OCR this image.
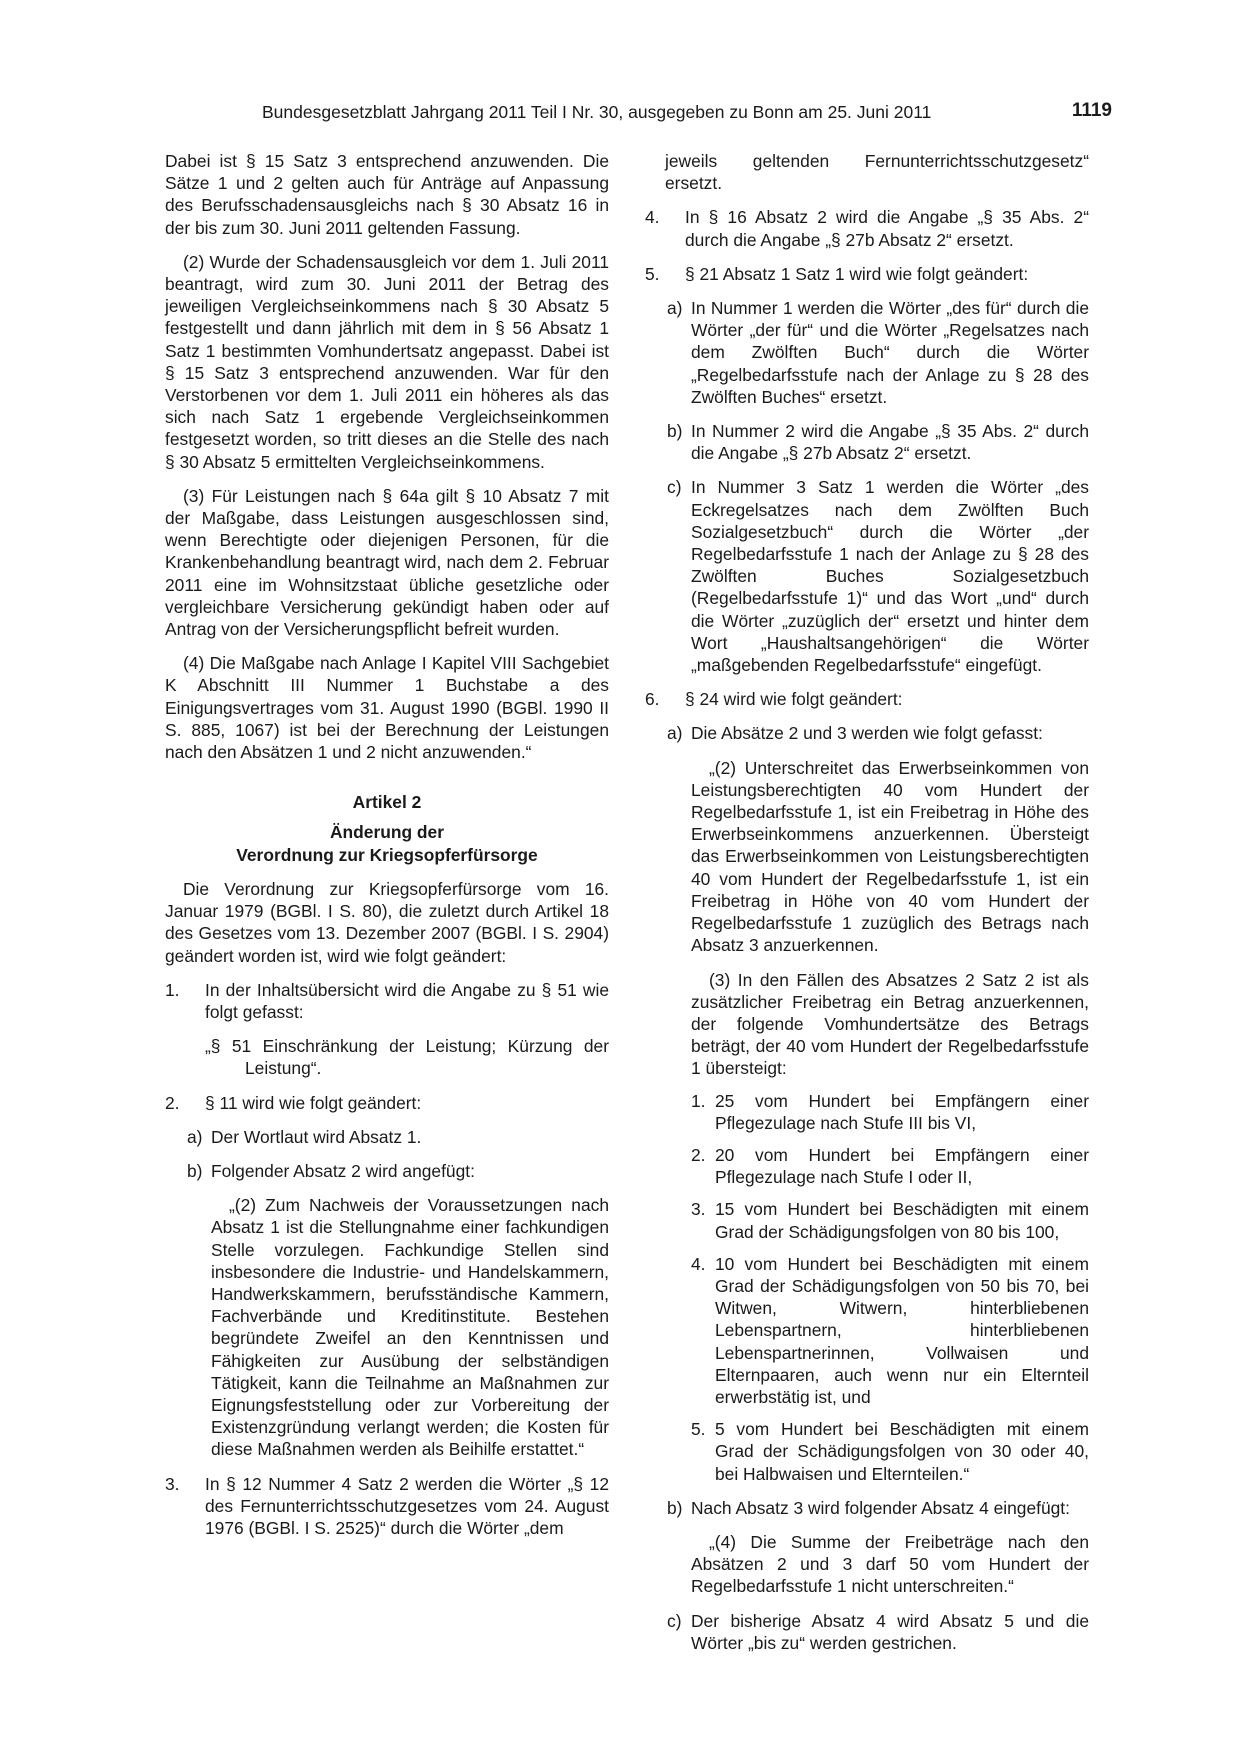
Bundesgesetzblatt Jahrgang 2011 Teil I Nr. 30, ausgegeben zu Bonn am 25. Juni 2011	1119

Dabei ist § 15 Satz 3 entsprechend anzuwenden. Die Sätze 1 und 2 gelten auch für Anträge auf Anpassung des Berufsschadensausgleichs nach § 30 Absatz 16 in der bis zum 30. Juni 2011 geltenden Fassung.

(2) Wurde der Schadensausgleich vor dem 1. Juli 2011 beantragt, wird zum 30. Juni 2011 der Betrag des jeweiligen Vergleichseinkommens nach § 30 Absatz 5 festgestellt und dann jährlich mit dem in § 56 Absatz 1 Satz 1 bestimmten Vomhundertsatz angepasst. Dabei ist § 15 Satz 3 entsprechend anzuwenden. War für den Verstorbenen vor dem 1. Juli 2011 ein höheres als das sich nach Satz 1 ergebende Vergleichseinkommen festgesetzt worden, so tritt dieses an die Stelle des nach § 30 Absatz 5 ermittelten Vergleichseinkommens.

(3) Für Leistungen nach § 64a gilt § 10 Absatz 7 mit der Maßgabe, dass Leistungen ausgeschlossen sind, wenn Berechtigte oder diejenigen Personen, für die Krankenbehandlung beantragt wird, nach dem 2. Februar 2011 eine im Wohnsitzstaat übliche gesetzliche oder vergleichbare Versicherung gekündigt haben oder auf Antrag von der Versicherungspflicht befreit wurden.

(4) Die Maßgabe nach Anlage I Kapitel VIII Sachgebiet K Abschnitt III Nummer 1 Buchstabe a des Einigungsvertrages vom 31. August 1990 (BGBl. 1990 II S. 885, 1067) ist bei der Berechnung der Leistungen nach den Absätzen 1 und 2 nicht anzuwenden.“

Artikel 2
Änderung der
Verordnung zur Kriegsopferfürsorge

Die Verordnung zur Kriegsopferfürsorge vom 16. Januar 1979 (BGBl. I S. 80), die zuletzt durch Artikel 18 des Gesetzes vom 13. Dezember 2007 (BGBl. I S. 2904) geändert worden ist, wird wie folgt geändert:

1. In der Inhaltsübersicht wird die Angabe zu § 51 wie folgt gefasst:
„§ 51 Einschränkung der Leistung; Kürzung der Leistung“.
2. § 11 wird wie folgt geändert:
a) Der Wortlaut wird Absatz 1.
b) Folgender Absatz 2 wird angefügt:

„(2) Zum Nachweis der Voraussetzungen nach Absatz 1 ist die Stellungnahme einer fachkundigen Stelle vorzulegen. Fachkundige Stellen sind insbesondere die Industrie- und Handelskammern, Handwerkskammern, berufsständische Kammern, Fachverbände und Kreditinstitute. Bestehen begründete Zweifel an den Kenntnissen und Fähigkeiten zur Ausübung der selbständigen Tätigkeit, kann die Teilnahme an Maßnahmen zur Eignungsfeststellung oder zur Vorbereitung der Existenzgründung verlangt werden; die Kosten für diese Maßnahmen werden als Beihilfe erstattet.“

3. In § 12 Nummer 4 Satz 2 werden die Wörter „§ 12 des Fernunterrichtsschutzgesetzes vom 24. August 1976 (BGBl. I S. 2525)“ durch die Wörter „dem

jeweils geltenden Fernunterrichtsschutzgesetz“ ersetzt.

4. In § 16 Absatz 2 wird die Angabe „§ 35 Abs. 2“ durch die Angabe „§ 27b Absatz 2“ ersetzt.
5. § 21 Absatz 1 Satz 1 wird wie folgt geändert:
a) In Nummer 1 werden die Wörter „des für“ durch die Wörter „der für“ und die Wörter „Regelsatzes nach dem Zwölften Buch“ durch die Wörter „Regelbedarfsstufe nach der Anlage zu § 28 des Zwölften Buches“ ersetzt.
b) In Nummer 2 wird die Angabe „§ 35 Abs. 2“ durch die Angabe „§ 27b Absatz 2“ ersetzt.
c) In Nummer 3 Satz 1 werden die Wörter „des Eckregelsatzes nach dem Zwölften Buch Sozialgesetzbuch“ durch die Wörter „der Regelbedarfsstufe 1 nach der Anlage zu § 28 des Zwölften Buches Sozialgesetzbuch (Regelbedarfsstufe 1)“ und das Wort „und“ durch die Wörter „zuzüglich der“ ersetzt und hinter dem Wort „Haushaltsangehörigen“ die Wörter „maßgebenden Regelbedarfsstufe“ eingefügt.
6. § 24 wird wie folgt geändert:
a) Die Absätze 2 und 3 werden wie folgt gefasst:

„(2) Unterschreitet das Erwerbseinkommen von Leistungsberechtigten 40 vom Hundert der Regelbedarfsstufe 1, ist ein Freibetrag in Höhe des Erwerbseinkommens anzuerkennen. Übersteigt das Erwerbseinkommen von Leistungsberechtigten 40 vom Hundert der Regelbedarfsstufe 1, ist ein Freibetrag in Höhe von 40 vom Hundert der Regelbedarfsstufe 1 zuzüglich des Betrags nach Absatz 3 anzuerkennen.

(3) In den Fällen des Absatzes 2 Satz 2 ist als zusätzlicher Freibetrag ein Betrag anzuerkennen, der folgende Vomhundertsätze des Betrags beträgt, der 40 vom Hundert der Regelbedarfsstufe 1 übersteigt:

1. 25 vom Hundert bei Empfängern einer Pflegezulage nach Stufe III bis VI,
2. 20 vom Hundert bei Empfängern einer Pflegezulage nach Stufe I oder II,
3. 15 vom Hundert bei Beschädigten mit einem Grad der Schädigungsfolgen von 80 bis 100,
4. 10 vom Hundert bei Beschädigten mit einem Grad der Schädigungsfolgen von 50 bis 70, bei Witwen, Witwern, hinterbliebenen Lebenspartnern, hinterbliebenen Lebenspartnerinnen, Vollwaisen und Elternpaaren, auch wenn nur ein Elternteil erwerbstätig ist, und
5. 5 vom Hundert bei Beschädigten mit einem Grad der Schädigungsfolgen von 30 oder 40, bei Halbwaisen und Elternteilen.“
b) Nach Absatz 3 wird folgender Absatz 4 eingefügt:

„(4) Die Summe der Freibeträge nach den Absätzen 2 und 3 darf 50 vom Hundert der Regelbedarfsstufe 1 nicht unterschreiten.“

c) Der bisherige Absatz 4 wird Absatz 5 und die Wörter „bis zu“ werden gestrichen.
